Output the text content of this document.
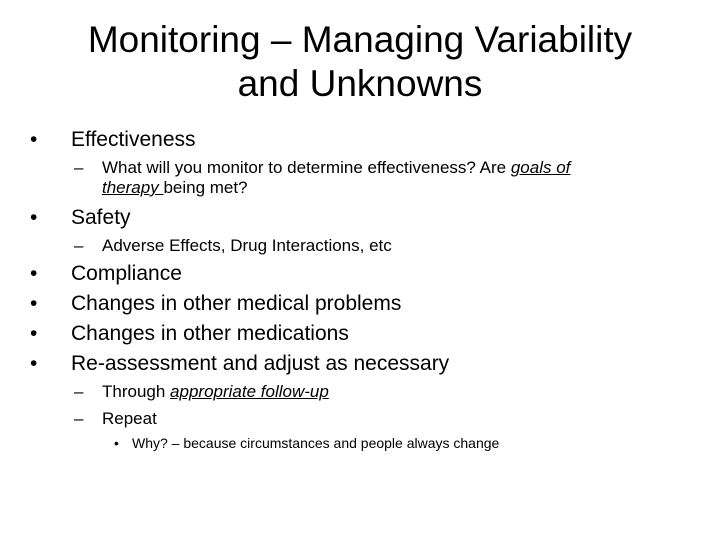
Monitoring – Managing Variability
and Unknowns
•	Effectiveness
– What will you monitor to determine effectiveness? Are goals of
therapy being met?
•	Safety
– Adverse Effects, Drug Interactions, etc
•	Compliance
•	Changes in other medical problems
•	Changes in other medications
•	Re-assessment and adjust as necessary
– Through appropriate follow-up
– Repeat
• Why? – because circumstances and people always change
